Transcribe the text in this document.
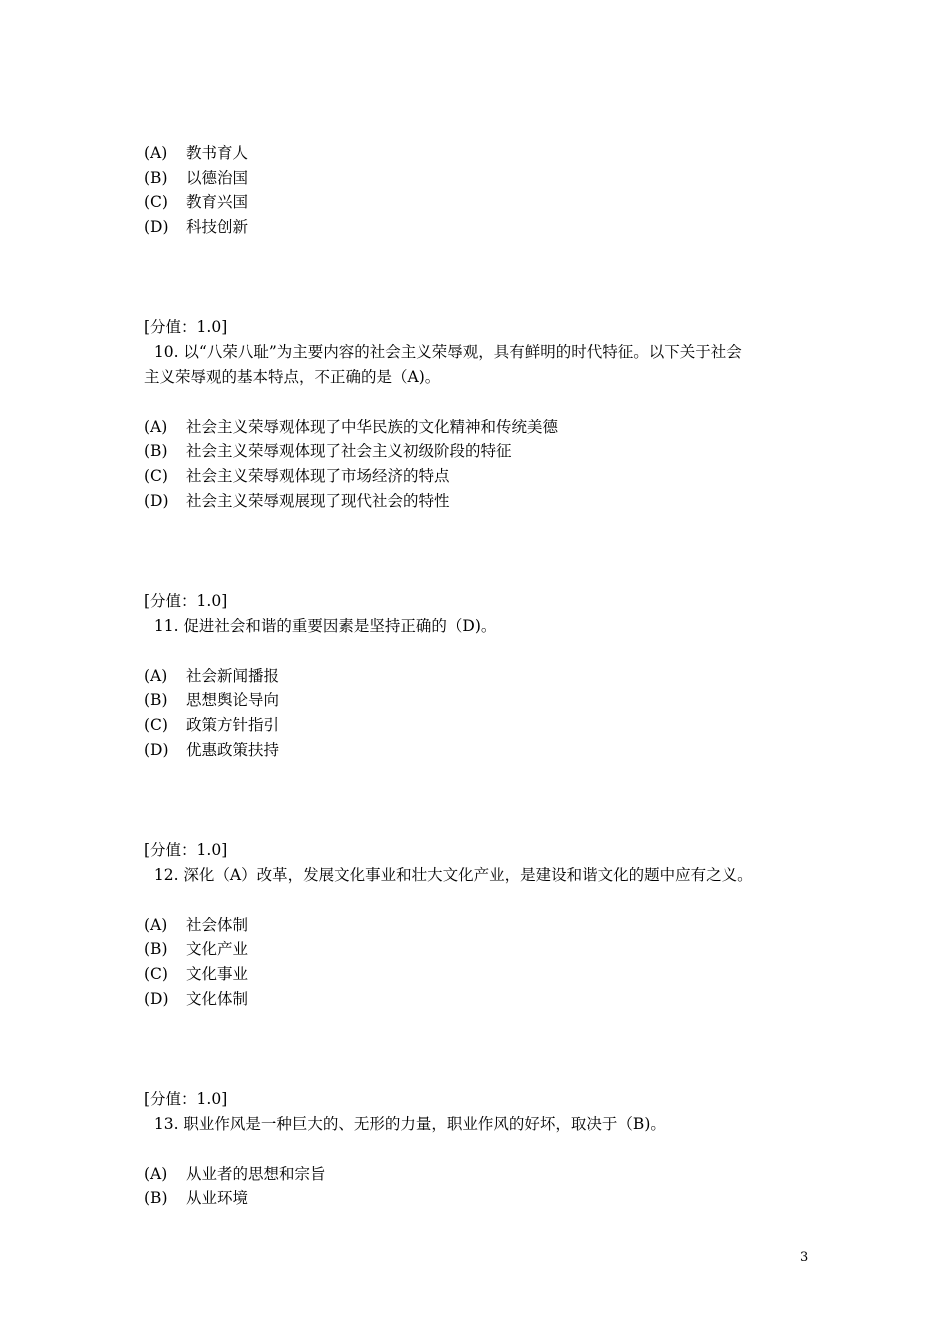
(A) 教书育人
(B) 以德治国
(C) 教育兴国
(D) 科技创新
[分值：1.0]
10. 以“八荣八耻”为主要内容的社会主义荣辱观，具有鲜明的时代特征。以下关于社会
主义荣辱观的基本特点，不正确的是（A)。
(A) 社会主义荣辱观体现了中华民族的文化精神和传统美德
(B) 社会主义荣辱观体现了社会主义初级阶段的特征
(C) 社会主义荣辱观体现了市场经济的特点
(D) 社会主义荣辱观展现了现代社会的特性
[分值：1.0]
11. 促进社会和谐的重要因素是坚持正确的（D)。
(A) 社会新闻播报
(B) 思想舆论导向
(C) 政策方针指引
(D) 优惠政策扶持
[分值：1.0]
12. 深化（A）改革，发展文化事业和壮大文化产业，是建设和谐文化的题中应有之义。
(A) 社会体制
(B) 文化产业
(C) 文化事业
(D) 文化体制
[分值：1.0]
13. 职业作风是一种巨大的、无形的力量，职业作风的好坏，取决于（B)。
(A) 从业者的思想和宗旨
(B) 从业环境
3
